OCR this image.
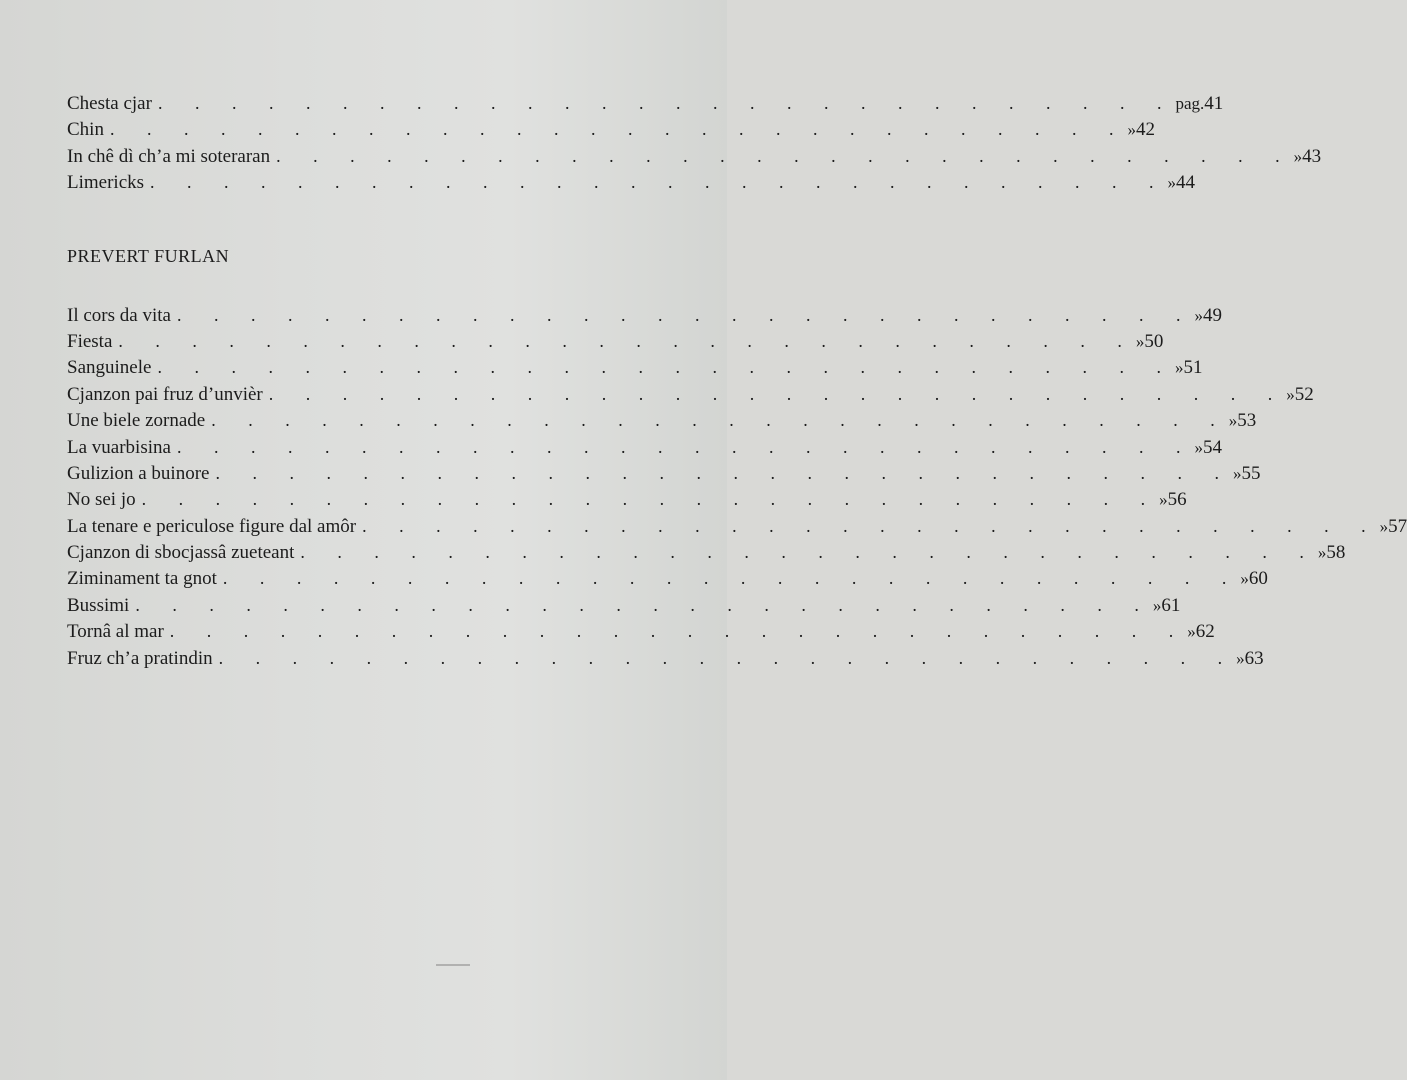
Chesta cjar . . . . . . . . . . . . . . . . . . . . . . . . . . . . pag. 41
Chin . . . . . . . . . . . . . . . . . . . . . . . . . . . . » 42
In chê dì ch’a mi soteraran . . . . . . . . . . . . . . . . . . . . . . . . . . . . » 43
Limericks . . . . . . . . . . . . . . . . . . . . . . . . . . . . » 44
PREVERT FURLAN
Il cors da vita . . . . . . . . . . . . . . . . . . . . . . . . . . . . » 49
Fiesta . . . . . . . . . . . . . . . . . . . . . . . . . . . . » 50
Sanguinele . . . . . . . . . . . . . . . . . . . . . . . . . . . . » 51
Cjanzon pai fruz d’unvièr . . . . . . . . . . . . . . . . . . . . . . . . . . . . » 52
Une biele zornade . . . . . . . . . . . . . . . . . . . . . . . . . . . . » 53
La vuarbisina . . . . . . . . . . . . . . . . . . . . . . . . . . . . » 54
Gulizion a buinore . . . . . . . . . . . . . . . . . . . . . . . . . . . . » 55
No sei jo . . . . . . . . . . . . . . . . . . . . . . . . . . . . » 56
La tenare e periculose figure dal amôr . . . . . . . . . . . . . . . . . . . . . . . . . . . . » 57
Cjanzon di sbocjassâ zueteant . . . . . . . . . . . . . . . . . . . . . . . . . . . . » 58
Ziminament ta gnot . . . . . . . . . . . . . . . . . . . . . . . . . . . . » 60
Bussimi . . . . . . . . . . . . . . . . . . . . . . . . . . . . » 61
Tornâ al mar . . . . . . . . . . . . . . . . . . . . . . . . . . . . » 62
Fruz ch’a pratindin . . . . . . . . . . . . . . . . . . . . . . . . . . . . » 63
